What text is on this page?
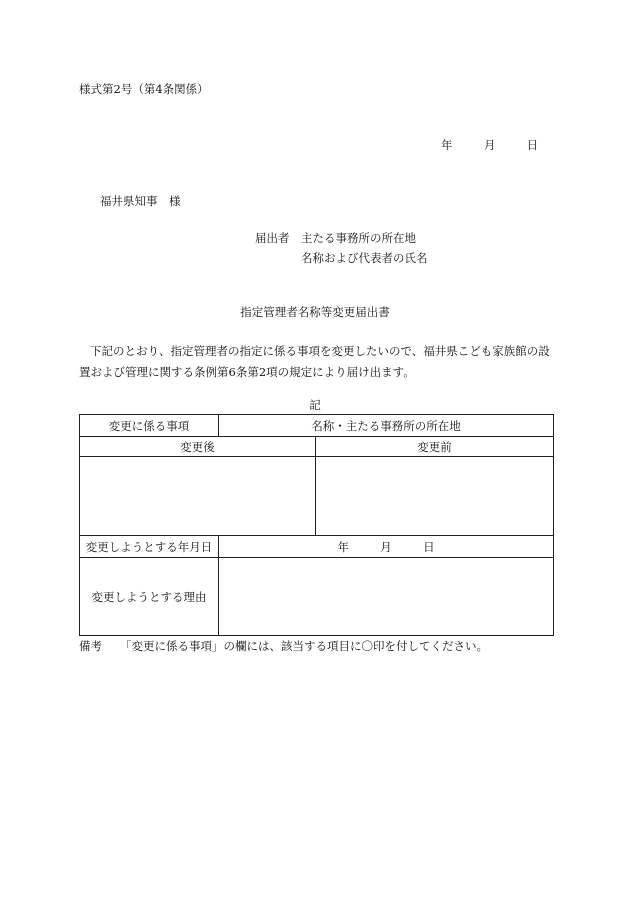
様式第2号（第4条関係）
年	月	日
福井県知事　様
届出者 主たる事務所の所在地
名称および代表者の氏名
指定管理者名称等変更届出書
下記のとおり、指定管理者の指定に係る事項を変更したいので、福井県こども家族館の設置および管理に関する条例第6条第2項の規定により届け出ます。
記
変更に係る事項	名称・主たる事務所の所在地	
変更後		変更前

変更しようとする年月日	年 月 日	
変更しようとする理由		
備考 「変更に係る事項」の欄には、該当する項目に〇印を付してください。
